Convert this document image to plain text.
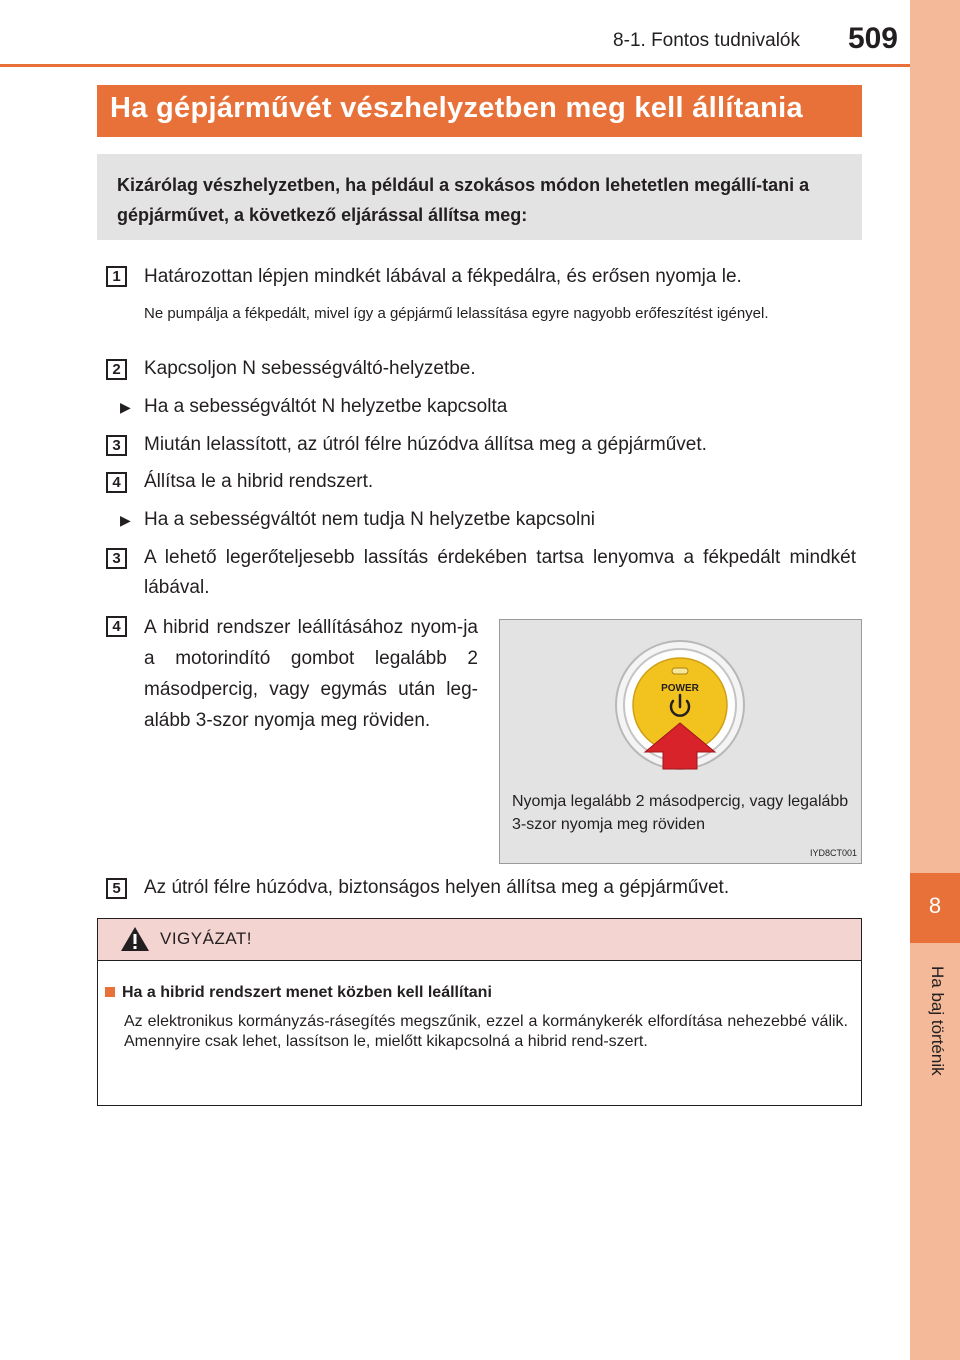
8-1. Fontos tudnivalók	509
8
Ha baj történik
Ha gépjárművét vészhelyzetben meg kell állítania
Kizárólag vészhelyzetben, ha például a szokásos módon lehetetlen megállí-tani a gépjárművet, a következő eljárással állítsa meg:
1	Határozottan lépjen mindkét lábával a fékpedálra, és erősen nyomja le.
Ne pumpálja a fékpedált, mivel így a gépjármű lelassítása egyre nagyobb erőfeszítést igényel.
2	Kapcsoljon N sebességváltó-helyzetbe.
▶ Ha a sebességváltót N helyzetbe kapcsolta
3	Miután lelassított, az útról félre húzódva állítsa meg a gépjárművet.
4	Állítsa le a hibrid rendszert.
▶ Ha a sebességváltót nem tudja N helyzetbe kapcsolni
3	A lehető legerőteljesebb lassítás érdekében tartsa lenyomva a fékpedált mindkét lábával.
4	A hibrid rendszer leállításához nyom-ja a motorindító gombot legalább 2 másodpercig, vagy egymás után leg-alább 3-szor nyomja meg röviden.
POWER
Nyomja legalább 2 másodpercig, vagy legalább 3-szor nyomja meg röviden
IYD8CT001
5	Az útról félre húzódva, biztonságos helyen állítsa meg a gépjárművet.
VIGYÁZAT!
Ha a hibrid rendszert menet közben kell leállítani
Az elektronikus kormányzás-rásegítés megszűnik, ezzel a kormánykerék elfordítása nehezebbé válik. Amennyire csak lehet, lassítson le, mielőtt kikapcsolná a hibrid rend-szert.
